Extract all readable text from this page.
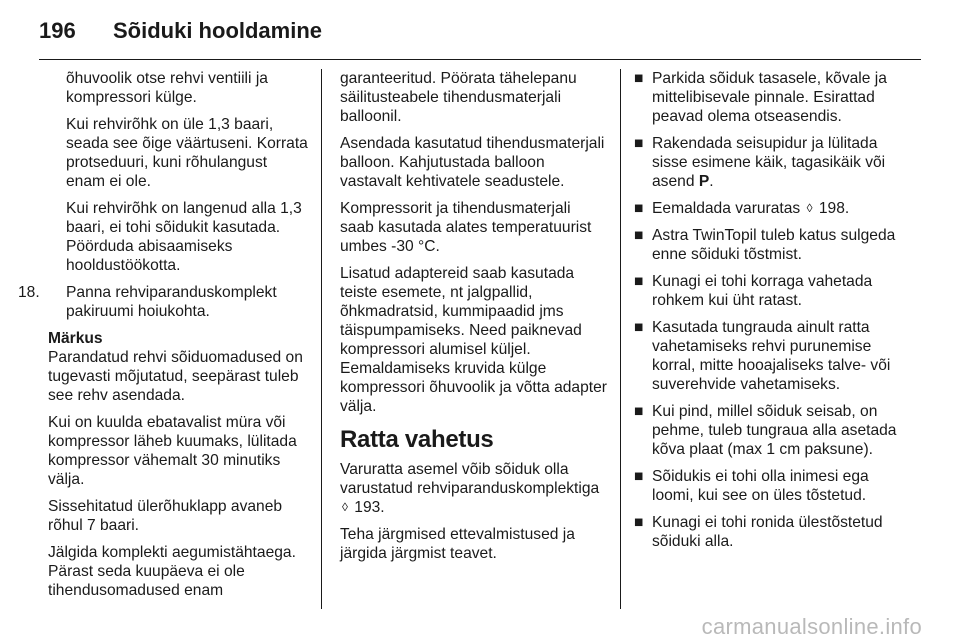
196 Sõiduki hooldamine

õhuvoolik otse rehvi ventiili ja kompressori külge.

Kui rehvirõhk on üle 1,3 baari, seada see õige väärtuseni. Korrata protseduuri, kuni rõhulangust enam ei ole.

Kui rehvirõhk on langenud alla 1,3 baari, ei tohi sõidukit kasutada. Pöörduda abisaamiseks hooldustöökotta.

18. Panna rehviparanduskomplekt pakiruumi hoiukohta.

Märkus

Parandatud rehvi sõiduomadused on tugevasti mõjutatud, seepärast tuleb see rehv asendada.

Kui on kuulda ebatavalist müra või kompressor läheb kuumaks, lülitada kompressor vähemalt 30 minutiks välja.

Sissehitatud ülerõhuklapp avaneb rõhul 7 baari.

Jälgida komplekti aegumistähtaega. Pärast seda kuupäeva ei ole tihendusomadused enam

garanteeritud. Pöörata tähelepanu säilitusteabele tihendusmaterjali balloonil.

Asendada kasutatud tihendusmaterjali balloon. Kahjutustada balloon vastavalt kehtivatele seadustele.

Kompressorit ja tihendusmaterjali saab kasutada alates temperatuurist umbes -30 °C.

Lisatud adaptereid saab kasutada teiste esemete, nt jalgpallid, õhkmadratsid, kummipaadid jms täispumpamiseks. Need paiknevad kompressori alumisel küljel. Eemaldamiseks kruvida külge kompressori õhuvoolik ja võtta adapter välja.

Ratta vahetus

Varuratta asemel võib sõiduk olla varustatud rehviparanduskomplektiga ◊ 193.

Teha järgmised ettevalmistused ja järgida järgmist teavet.

■ Parkida sõiduk tasasele, kõvale ja mittelibisevale pinnale. Esirattad peavad olema otseasendis.
■ Rakendada seisupidur ja lülitada sisse esimene käik, tagasikäik või asend P.
■ Eemaldada varuratas ◊ 198.
■ Astra TwinTopil tuleb katus sulgeda enne sõiduki tõstmist.
■ Kunagi ei tohi korraga vahetada rohkem kui üht ratast.
■ Kasutada tungrauda ainult ratta vahetamiseks rehvi purunemise korral, mitte hooajaliseks talve- või suverehvide vahetamiseks.
■ Kui pind, millel sõiduk seisab, on pehme, tuleb tungraua alla asetada kõva plaat (max 1 cm paksune).
■ Sõidukis ei tohi olla inimesi ega loomi, kui see on üles tõstetud.
■ Kunagi ei tohi ronida ülestõstetud sõiduki alla.
carmanualsonline.info
